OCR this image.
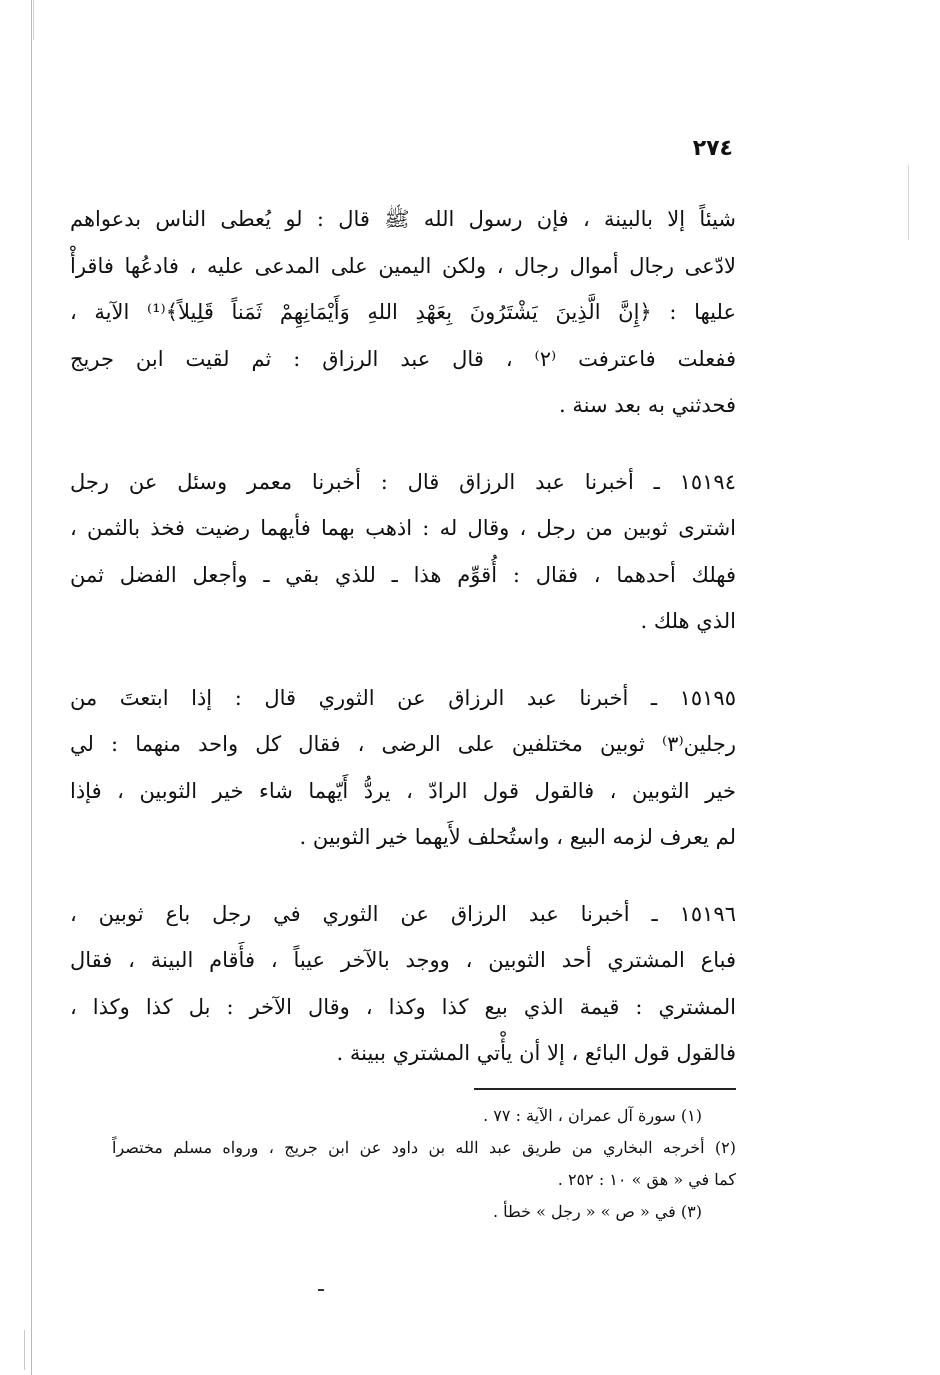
٢٧٤
شيئاً إلا بالبينة ، فإن رسول الله ﷺ قال : لو يُعطى الناس بدعواهم
لادّعى رجال أموال رجال ، ولكن اليمين على المدعى عليه ، فادعُها فاقرأْ
عليها : ﴿إِنَّ الَّذِينَ يَشْتَرُونَ بِعَهْدِ اللهِ وَأَيْمَانِهِمْ ثَمَناً قَلِيلاً﴾⁽¹⁾ الآية ،
ففعلت فاعترفت ⁽٢⁾ ، قال عبد الرزاق : ثم لقيت ابن جريج
فحدثني به بعد سنة .
١٥١٩٤ ـ أخبرنا عبد الرزاق قال : أخبرنا معمر وسئل عن رجل
اشترى ثوبين من رجل ، وقال له : اذهب بهما فأيهما رضيت فخذ بالثمن ،
فهلك أحدهما ، فقال : أُقوِّم هذا ـ للذي بقي ـ وأجعل الفضل ثمن
الذي هلك .
١٥١٩٥ ـ أخبرنا عبد الرزاق عن الثوري قال : إذا ابتعتَ من
رجلين⁽٣⁾ ثوبين مختلفين على الرضى ، فقال كل واحد منهما : لي
خير الثوبين ، فالقول قول الرادّ ، يردُّ أَيّهما شاء خير الثوبين ، فإذا
لم يعرف لزمه البيع ، واستُحلف لأَيهما خير الثوبين .
١٥١٩٦ ـ أخبرنا عبد الرزاق عن الثوري في رجل باع ثوبين ،
فباع المشتري أحد الثوبين ، ووجد بالآخر عيباً ، فأَقام البينة ، فقال
المشتري : قيمة الذي بيع كذا وكذا ، وقال الآخر : بل كذا وكذا ،
فالقول قول البائع ، إلا أن يأْتي المشتري ببينة .
(١) سورة آل عمران ، الآية : ٧٧ .
(٢) أخرجه البخاري من طريق عبد الله بن داود عن ابن جريج ، ورواه مسلم مختصراً
كما في « هق » ١٠ : ٢٥٢ .
(٣) في « ص » « رجل » خطأ .
